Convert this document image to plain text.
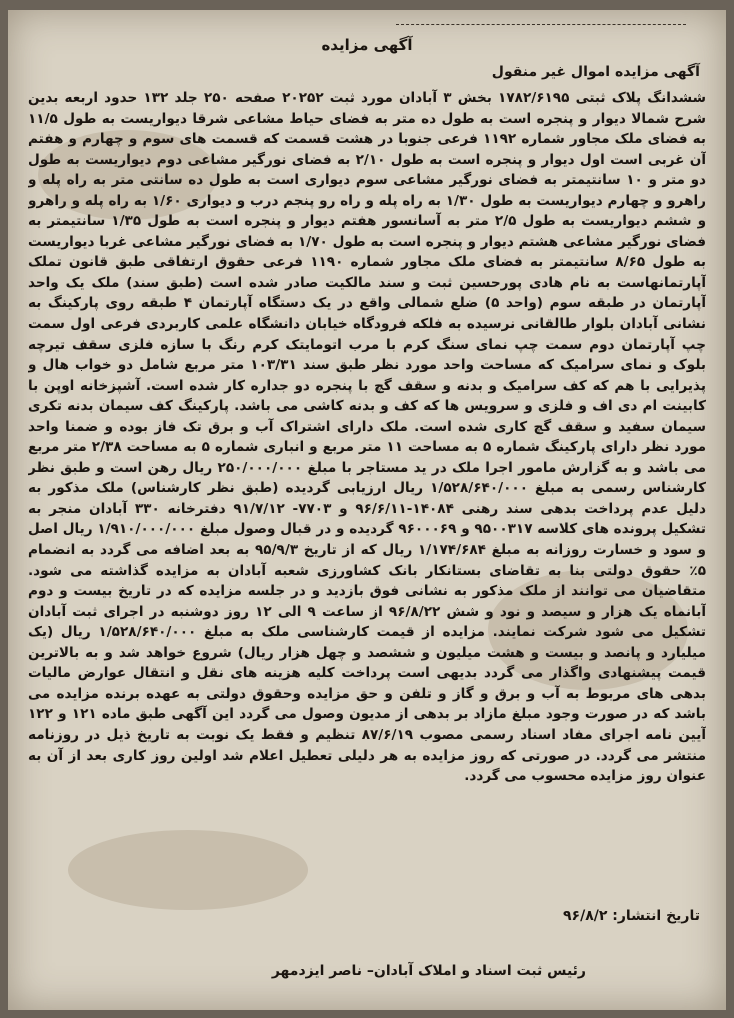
آگهی مزایده
آگهی مزایده اموال غیر منقول
ششدانگ پلاک ثبتی ۱۷۸۲/۶۱۹۵ بخش ۳ آبادان مورد ثبت ۲۰۲۵۲ صفحه ۲۵۰ جلد ۱۳۲ حدود اربعه بدین شرح شمالا دیوار و پنجره است به طول ده متر به فضای حیاط مشاعی شرقا دیواریست به طول ۱۱/۵ به فضای ملک مجاور شماره ۱۱۹۲ فرعی جنوبا در هشت قسمت که قسمت های سوم و چهارم و هفتم آن غربی است اول دیوار و پنجره است به طول ۲/۱۰ به فضای نورگیر مشاعی دوم دیواریست به طول دو متر و ۱۰ سانتیمتر به فضای نورگیر مشاعی سوم دیواری است به طول ده سانتی متر به راه پله و راهرو و چهارم دیواریست به طول ۱/۳۰ به راه پله و راه رو پنجم درب و دیواری ۱/۶۰ به راه پله و راهرو و ششم دیواریست به طول ۲/۵ متر به آسانسور هفتم دیوار و پنجره است به طول ۱/۳۵ سانتیمتر به فضای نورگیر مشاعی هشتم دیوار و پنجره است به طول ۱/۷۰ به فضای نورگیر مشاعی غربا دیواریست به طول ۸/۶۵ سانتیمتر به فضای ملک مجاور شماره ۱۱۹۰ فرعی حقوق ارتفاقی طبق قانون تملک آپارتمانهاست به نام هادی پورحسین ثبت و سند مالکیت صادر شده است (طبق سند) ملک یک واحد آپارتمان در طبقه سوم (واحد ۵) ضلع شمالی واقع در یک دستگاه آپارتمان ۴ طبقه روی پارکینگ به نشانی آبادان بلوار طالقانی نرسیده به فلکه فرودگاه خیابان دانشگاه علمی کاربردی فرعی اول سمت چپ آپارتمان دوم سمت چپ نمای سنگ کرم با مرب اتومایتک کرم رنگ با سازه فلزی سقف تیرچه بلوک و نمای سرامیک که مساحت واحد مورد نظر طبق سند ۱۰۳/۳۱ متر مربع شامل دو خواب هال و پذیرایی با هم که کف سرامیک و بدنه و سقف گچ با پنجره دو جداره کار شده است. آشپزخانه اوپن با کابینت ام دی اف و فلزی و سرویس ها که کف و بدنه کاشی می باشد. پارکینگ کف سیمان بدنه تکری سیمان سفید و سقف گچ کاری شده است. ملک دارای اشتراک آب و برق تک فاز بوده و ضمنا واحد مورد نظر دارای پارکینگ شماره ۵ به مساحت ۱۱ متر مربع و انباری شماره ۵ به مساحت ۲/۳۸ متر مربع می باشد و به گزارش مامور اجرا ملک در ید مستاجر با مبلغ ۲۵۰/۰۰۰/۰۰۰ ریال رهن است و طبق نظر کارشناس رسمی به مبلغ ۱/۵۲۸/۶۴۰/۰۰۰ ریال ارزیابی گردیده (طبق نظر کارشناس) ملک مذکور به دلیل عدم پرداخت بدهی سند رهنی ۱۴۰۸۴-۹۶/۶/۱۱ و ۷۷۰۳- ۹۱/۷/۱۲ دفترخانه ۳۳۰ آبادان منجر به تشکیل پرونده های کلاسه ۹۵۰۰۳۱۷ و ۹۶۰۰۰۶۹ گردیده و در قبال وصول مبلغ ۱/۹۱۰/۰۰۰/۰۰۰ ریال اصل و سود و خسارت روزانه به مبلغ ۱/۱۷۴/۶۸۴ ریال که از تاریخ ۹۵/۹/۳ به بعد اضافه می گردد به انضمام ۵٪ حقوق دولتی بنا به تقاضای بستانکار بانک کشاورزی شعبه آبادان به مزایده گذاشته می شود. متقاضیان می توانند از ملک مذکور به نشانی فوق بازدید و در جلسه مزایده که در تاریخ بیست و دوم آبانماه یک هزار و سیصد و نود و شش ۹۶/۸/۲۲ از ساعت ۹ الی ۱۲ روز دوشنبه در اجرای ثبت آبادان تشکیل می شود شرکت نمایند. مزایده از قیمت کارشناسی ملک به مبلغ ۱/۵۲۸/۶۴۰/۰۰۰ ریال (یک میلیارد و پانصد و بیست و هشت میلیون و ششصد و چهل هزار ریال) شروع خواهد شد و به بالاترین قیمت پیشنهادی واگذار می گردد بدیهی است پرداخت کلیه هزینه های نقل و انتقال عوارض مالیات بدهی های مربوط به آب و برق و گاز و تلفن و حق مزایده وحقوق دولتی به عهده برنده مزایده می باشد که در صورت وجود مبلغ مازاد بر بدهی از مدیون وصول می گردد این آگهی طبق ماده ۱۲۱ و ۱۲۲ آیین نامه اجرای مفاد اسناد رسمی مصوب ۸۷/۶/۱۹ تنظیم و فقط یک نوبت به تاریخ ذیل در روزنامه منتشر می گردد. در صورتی که روز مزایده به هر دلیلی تعطیل اعلام شد اولین روز کاری بعد از آن به عنوان روز مزایده محسوب می گردد.
تاریخ انتشار: ۹۶/۸/۲
رئیس ثبت اسناد و املاک آبادان– ناصر ایزدمهر
